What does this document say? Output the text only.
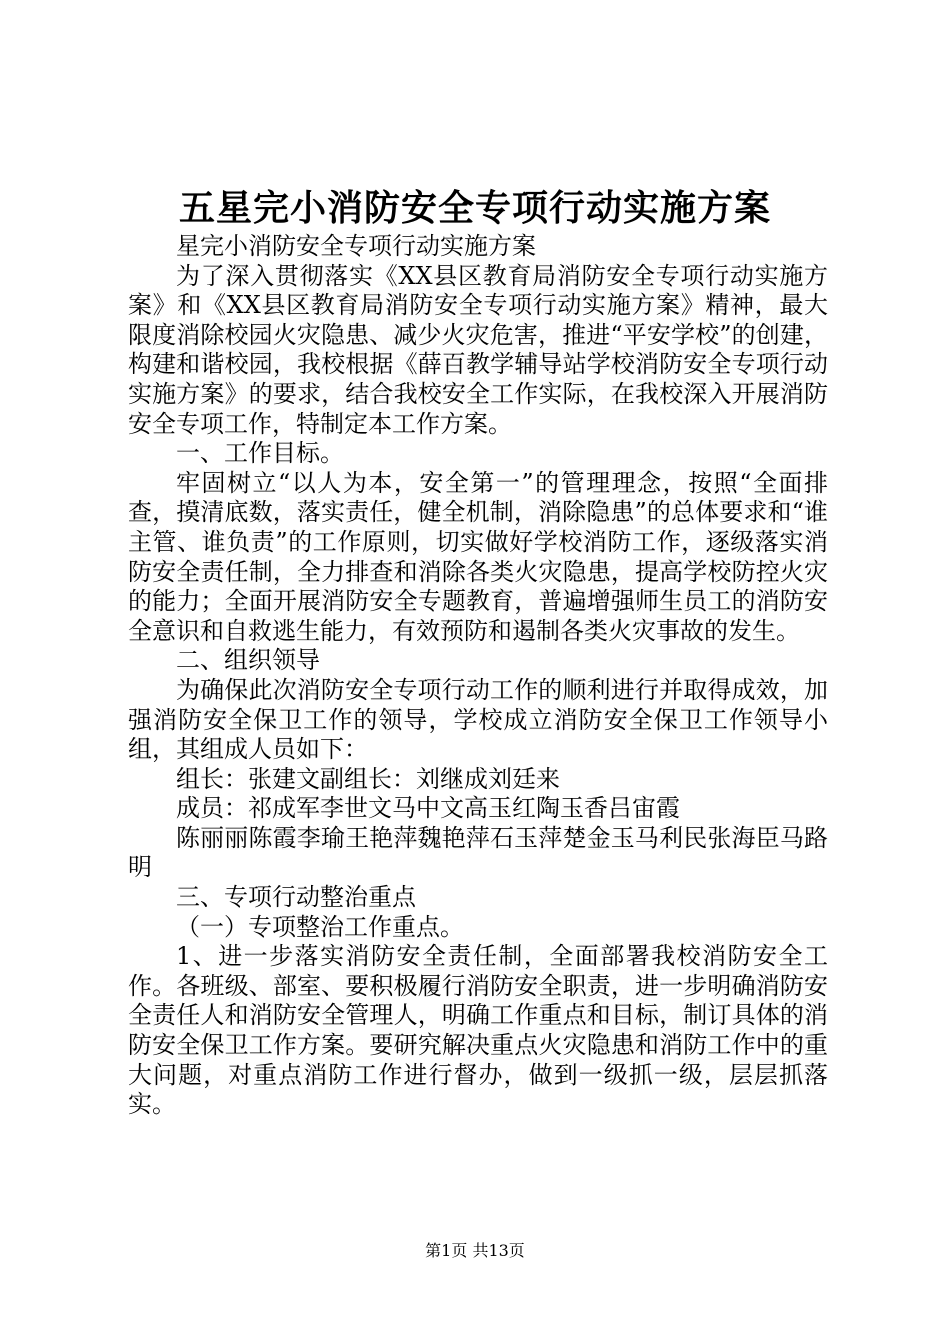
五星完小消防安全专项行动实施方案

星完小消防安全专项行动实施方案

为了深入贯彻落实《XX县区教育局消防安全专项行动实施方案》和《XX县区教育局消防安全专项行动实施方案》精神，最大限度消除校园火灾隐患、减少火灾危害，推进“平安学校”的创建，构建和谐校园，我校根据《薛百教学辅导站学校消防安全专项行动实施方案》的要求，结合我校安全工作实际，在我校深入开展消防安全专项工作，特制定本工作方案。

一、工作目标。

牢固树立“以人为本，安全第一”的管理理念，按照“全面排查，摸清底数，落实责任，健全机制，消除隐患”的总体要求和“谁主管、谁负责”的工作原则，切实做好学校消防工作，逐级落实消防安全责任制，全力排查和消除各类火灾隐患，提高学校防控火灾的能力；全面开展消防安全专题教育，普遍增强师生员工的消防安全意识和自救逃生能力，有效预防和遏制各类火灾事故的发生。

二、组织领导

为确保此次消防安全专项行动工作的顺利进行并取得成效，加强消防安全保卫工作的领导，学校成立消防安全保卫工作领导小组，其组成人员如下：

组长：张建文副组长：刘继成刘廷来

成员：祁成军李世文马中文高玉红陶玉香吕宙霞

陈丽丽陈霞李瑜王艳萍魏艳萍石玉萍楚金玉马利民张海臣马路明

三、专项行动整治重点

（一）专项整治工作重点。

1、进一步落实消防安全责任制，全面部署我校消防安全工作。各班级、部室、要积极履行消防安全职责，进一步明确消防安全责任人和消防安全管理人，明确工作重点和目标，制订具体的消防安全保卫工作方案。要研究解决重点火灾隐患和消防工作中的重大问题，对重点消防工作进行督办，做到一级抓一级，层层抓落实。

第1页 共13页
